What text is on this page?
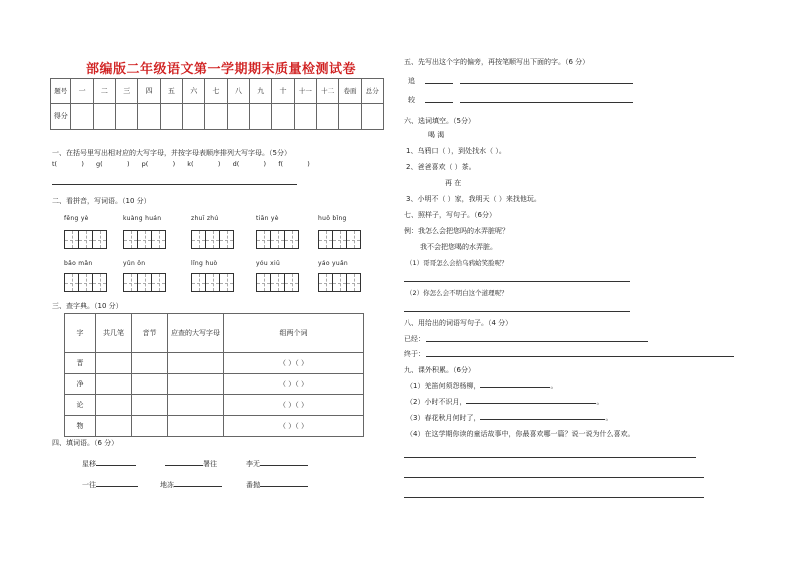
部编版二年级语文第一学期期末质量检测试卷
题号	一	二	三	四	五	六	七	八	九	十	十一	十二	卷面	总分
得分														
一、在括号里写出相对应的大写字母，并按字母表顺序排列大写字母。（5分）
t(	) g(	) p(	) k(	) d(	) f(	)
二、看拼音，写词语。（10 分）
fēng yè	kuàng huán	zhuī zhú	tiān yè	huǒ bǐng
bǎo mǎn	yǔn ǒn	lǐng huò	yóu xiū	yáo yuǎn
三、查字典。（10 分）
字	共几笔	音节	应查的大写字母	组两个词
晋				（ ）（ ）
净				（ ）（ ）
论				（ ）（ ）
物				（ ）（ ）
四、填词语。（6 分）
星移	署往	李无
一往	地冻	番抛
五、先写出这个字的偏旁，再按笔顺写出下面的字。（6 分）
追
较
六、选词填空。（5分）
喝 渴
1、乌鸦口（ ），到处找水（ ）。
2、爸爸喜欢（ ）茶。
再 在
3、小明不（ ）家，我明天（ ）来找他玩。
七、照样子，写句子。（6分）
例：我怎么会把您吗的水弄脏呢？
我不会把您喝的水弄脏。
（1）哥哥怎么会拾乌鸦蛤笑脸呢？
（2）你怎么会不明白这个道理呢？
八、用给出的词语写句子。（4 分）
已经：
终于：
九、课外积累。（6分）
（1）羌笛何须怨杨柳，	。
（2）小时不识月，	。
（3）春花秋月何时了，	。
（4）在这学期你读的童话故事中，你最喜欢哪一篇？说一说为什么喜欢。
